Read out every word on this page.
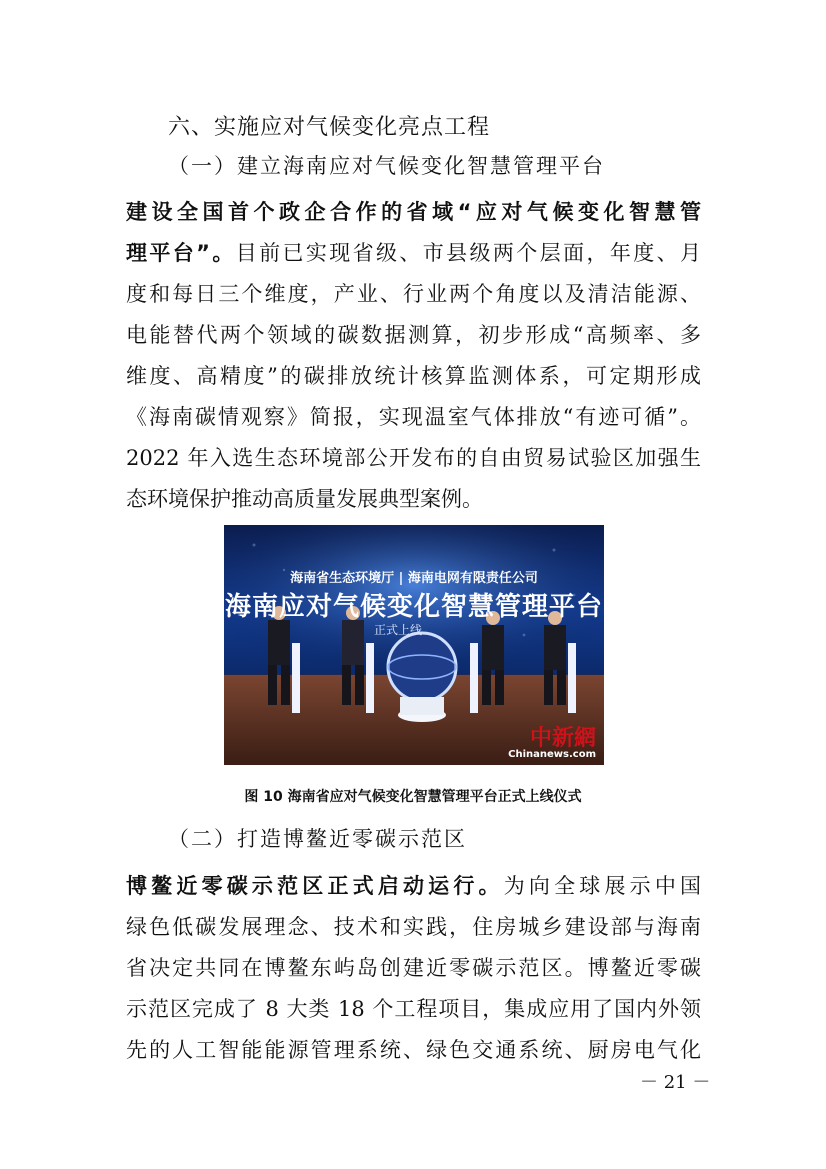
六、实施应对气候变化亮点工程
（一）建立海南应对气候变化智慧管理平台
建设全国首个政企合作的省域“应对气候变化智慧管
理平台”。目前已实现省级、市县级两个层面，年度、月
度和每日三个维度，产业、行业两个角度以及清洁能源、
电能替代两个领域的碳数据测算，初步形成“高频率、多
维度、高精度”的碳排放统计核算监测体系，可定期形成
《海南碳情观察》简报，实现温室气体排放“有迹可循”。
2022 年入选生态环境部公开发布的自由贸易试验区加强生
态环境保护推动高质量发展典型案例。
海南省生态环境厅 | 海南电网有限责任公司
海南应对气候变化智慧管理平台
正式上线
中新網
Chinanews.com
图 10 海南省应对气候变化智慧管理平台正式上线仪式
（二）打造博鳌近零碳示范区
博鳌近零碳示范区正式启动运行。为向全球展示中国
绿色低碳发展理念、技术和实践，住房城乡建设部与海南
省决定共同在博鳌东屿岛创建近零碳示范区。博鳌近零碳
示范区完成了 8 大类 18 个工程项目，集成应用了国内外领
先的人工智能能源管理系统、绿色交通系统、厨房电气化
－ 21 －
